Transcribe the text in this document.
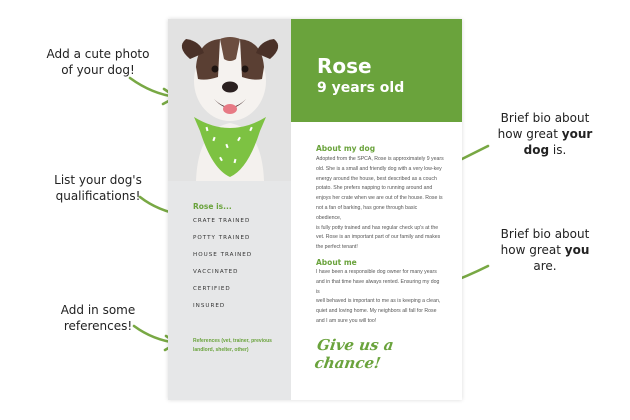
Add a cute photo
of your dog!
List your dog's
qualifications!
Add in some
references!
Brief bio about
how great your
dog is.
Brief bio about
how great you
are.
Rose
9 years old
Rose is...
CRATE TRAINED
POTTY TRAINED
HOUSE TRAINED
VACCINATED
CERTIFIED
INSURED
References (vet, trainer, previous landlord, shelter, other)
About my dog
Adopted from the SPCA, Rose is approximately 9 years
old. She is a small and friendly dog with a very low-key
energy around the house, best described as a couch
potato. She prefers napping to running around and
enjoys her crate when we are out of the house. Rose is
not a fan of barking, has gone through basic obedience,
is fully potty trained and has regular check up's at the
vet. Rose is an important part of our family and makes
the perfect tenant!
About me
I have been a responsible dog owner for many years
and in that time have always rented. Ensuring my dog is
well behaved is important to me as is keeping a clean,
quiet and loving home. My neighbors all fall for Rose
and I am sure you will too!
Give us a chance!
